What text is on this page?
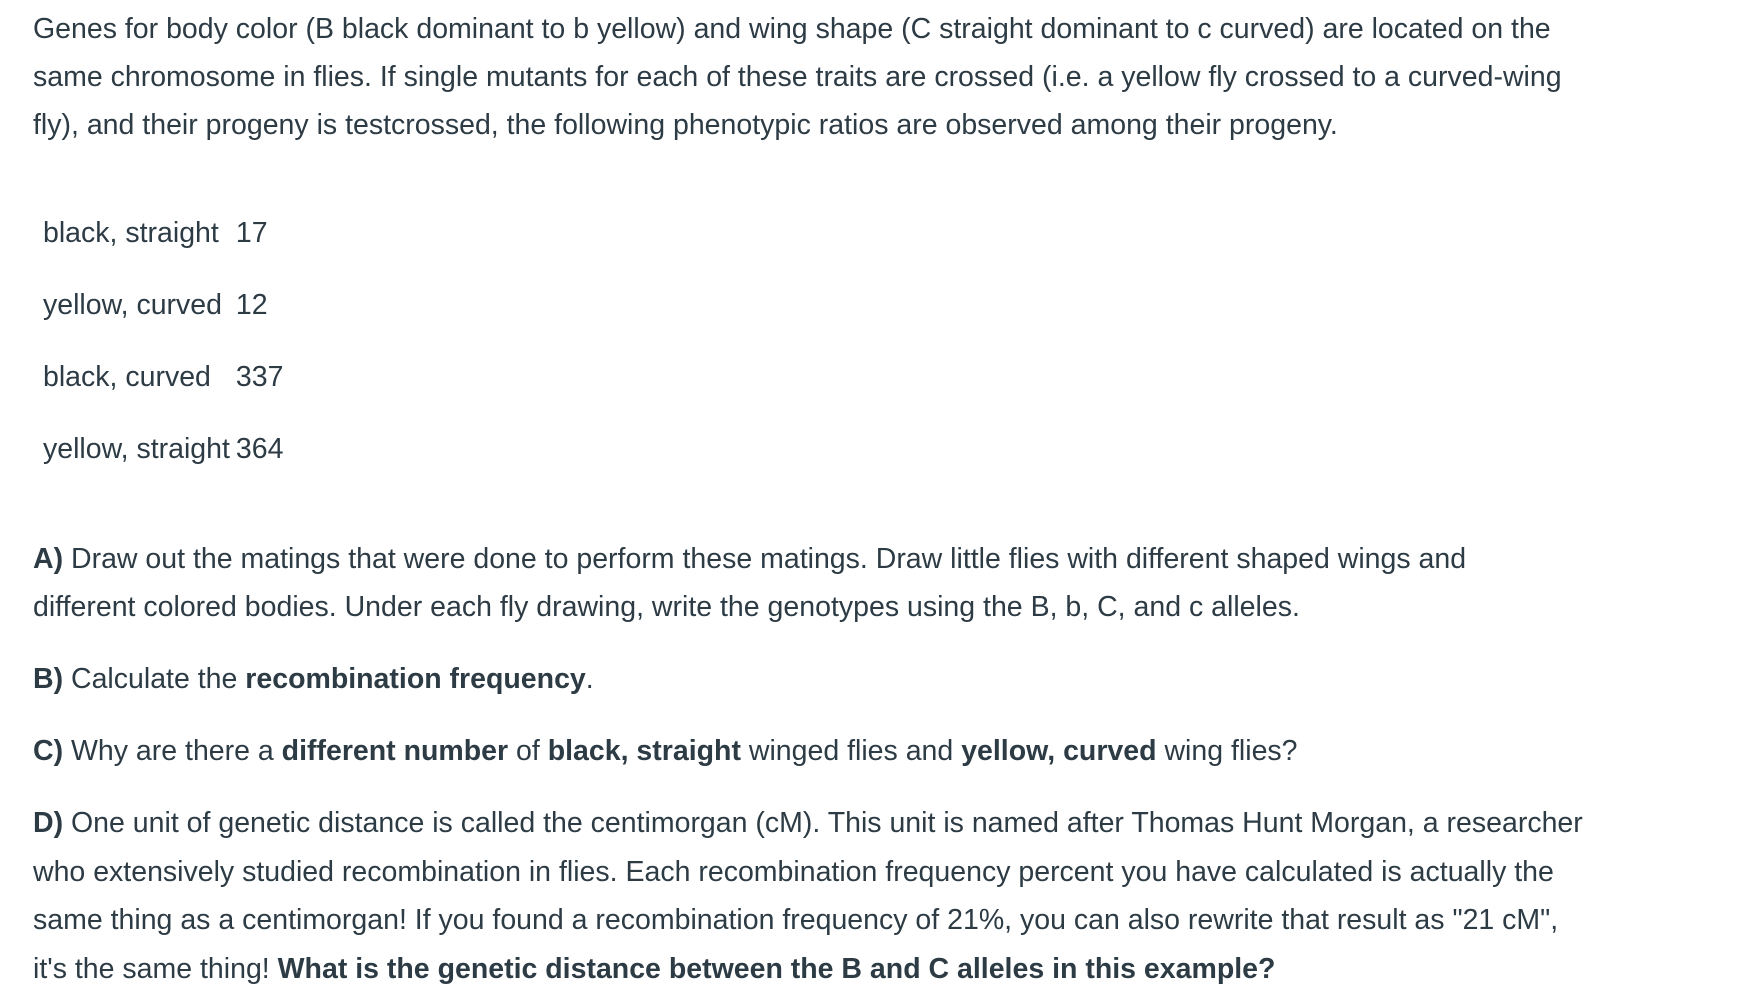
Genes for body color (B black dominant to b yellow) and wing shape (C straight dominant to c curved) are located on the

same chromosome in flies. If single mutants for each of these traits are crossed (i.e. a yellow fly crossed to a curved-wing

fly), and their progeny is testcrossed, the following phenotypic ratios are observed among their progeny.

black, straight	17
yellow, curved	12
black, curved	337
yellow, straight	364

A) Draw out the matings that were done to perform these matings. Draw little flies with different shaped wings and

different colored bodies. Under each fly drawing, write the genotypes using the B, b, C, and c alleles.

B) Calculate the recombination frequency.

C) Why are there a different number of black, straight winged flies and yellow, curved wing flies?

D) One unit of genetic distance is called the centimorgan (cM). This unit is named after Thomas Hunt Morgan, a researcher

who extensively studied recombination in flies. Each recombination frequency percent you have calculated is actually the

same thing as a centimorgan! If you found a recombination frequency of 21%, you can also rewrite that result as "21 cM",

it's the same thing! What is the genetic distance between the B and C alleles in this example?
